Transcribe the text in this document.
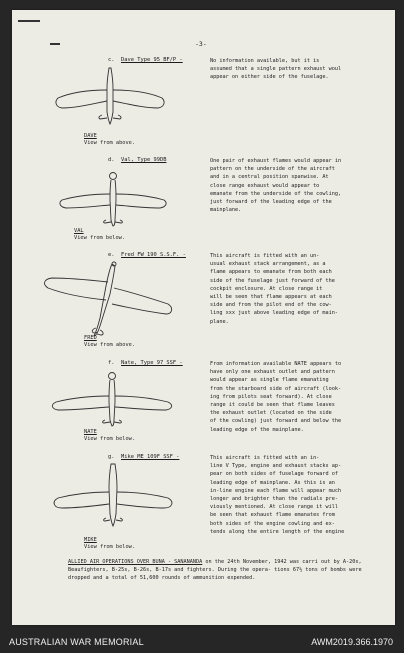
-3-
c. Dave Type 95 BF/P -	No information available, but it is
assumed that a single pattern exhaust woul
appear on either side of the fuselage.
DAVE
View from above.
d. Val, Type 99DB	One pair of exhaust flames would appear in
pattern on the underside of the aircraft
and in a central position spanwise. At
close range exhaust would appear to
emanate from the underside of the cowling,
just forward of the leading edge of the
mainplane.
VAL
View from below.
e. Fred FW 190 S.S.F. -	This aircraft is fitted with an un-
usual exhaust stack arrangement, as a
flame appears to emanate from both each
side of the fuselage just forward of the
cockpit enclosure. At close range it
will be seen that flame appears at each
side and from the pilot end of the cow-
ling xxx just above leading edge of main-
plane.
FRED
View from above.
f. Nate, Type 97 SSF -	From information available NATE appears to
have only one exhaust outlet and pattern
would appear as single flame emanating
from the starboard side of aircraft (look-
ing from pilots seat forward). At close
range it could be seen that flame leaves
the exhaust outlet (located on the side
of the cowling) just forward and below the
leading edge of the mainplane.
NATE
View from below.
g. Mike ME 109F SSF -	This aircraft is fitted with an in-
line V Type, engine and exhaust stacks ap-
pear on both sides of fuselage forward of
leading edge of mainplane. As this is an
in-line engine each flame will appear much
longer and brighter than the radials pre-
viously mentioned. At close range it will
be seen that exhaust flame emanates from
both sides of the engine cowling and ex-
tends along the entire length of the engine
MIKE
View from below.
ALLIED AIR OPERATIONS OVER BUNA - SANANANDA on the 24th November, 1942 was carri out by A-20s, Beaufighters, B-25s, B-26s, B-17s and fighters. During the opera- tions 67½ tons of bombs were dropped and a total of 51,600 rounds of ammunition expended.
AUSTRALIAN WAR MEMORIAL	AWM2019.366.1970
